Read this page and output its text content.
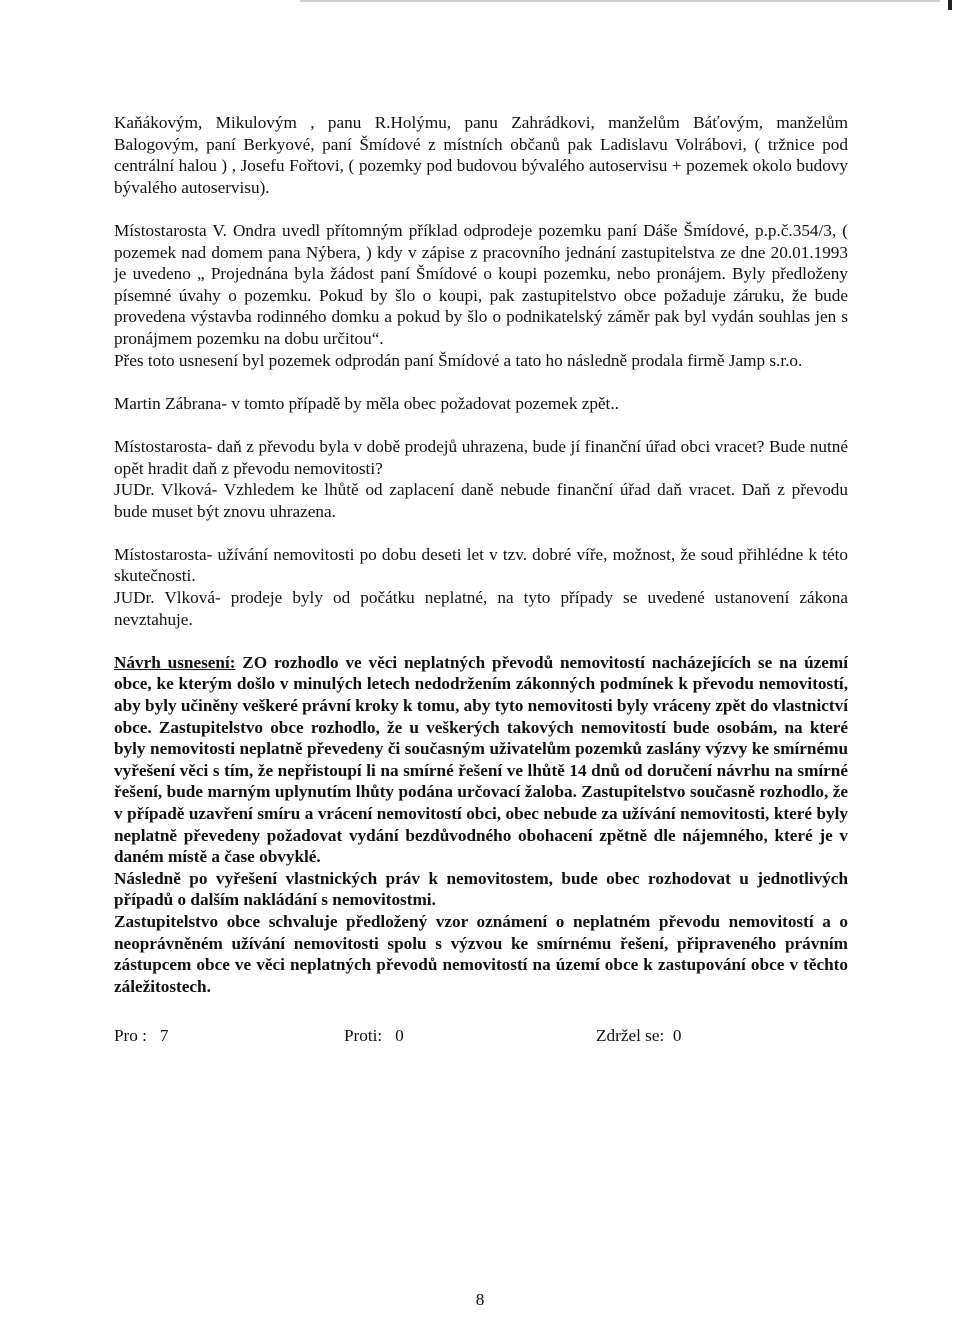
Kaňákovým, Mikulovým , panu R.Holýmu, panu Zahrádkovi, manželům Báťovým, manželům Balogovým, paní Berkyové, paní Šmídové z místních občanů pak Ladislavu Volrábovi, ( tržnice pod centrální halou ) , Josefu Fořtovi, ( pozemky pod budovou bývalého autoservisu + pozemek okolo budovy bývalého autoservisu).

Místostarosta V. Ondra uvedl přítomným příklad odprodeje pozemku paní Dáše Šmídové, p.p.č.354/3, ( pozemek nad domem pana Nýbera, ) kdy v zápise z pracovního jednání zastupitelstva ze dne 20.01.1993 je uvedeno „ Projednána byla žádost paní Šmídové o koupi pozemku, nebo pronájem. Byly předloženy písemné úvahy o pozemku. Pokud by šlo o koupi, pak zastupitelstvo obce požaduje záruku, že bude provedena výstavba rodinného domku a pokud by šlo o podnikatelský záměr pak byl vydán souhlas jen s pronájmem pozemku na dobu určitou“.

Přes toto usnesení byl pozemek odprodán paní Šmídové a tato ho následně prodala firmě Jamp s.r.o.

Martin Zábrana- v tomto případě by měla obec požadovat pozemek zpět..

Místostarosta- daň z převodu byla v době prodejů uhrazena, bude jí finanční úřad obci vracet? Bude nutné opět hradit daň z převodu nemovitosti?

JUDr. Vlková- Vzhledem ke lhůtě od zaplacení daně nebude finanční úřad daň vracet. Daň z převodu bude muset být znovu uhrazena.

Místostarosta- užívání nemovitosti po dobu deseti let v tzv. dobré víře, možnost, že soud přihlédne k této skutečnosti.

JUDr. Vlková- prodeje byly od počátku neplatné, na tyto případy se uvedené ustanovení zákona nevztahuje.

Návrh usnesení: ZO rozhodlo ve věci neplatných převodů nemovitostí nacházejících se na území obce, ke kterým došlo v minulých letech nedodržením zákonných podmínek k převodu nemovitostí, aby byly učiněny veškeré právní kroky k tomu, aby tyto nemovitosti byly vráceny zpět do vlastnictví obce. Zastupitelstvo obce rozhodlo, že u veškerých takových nemovitostí bude osobám, na které byly nemovitosti neplatně převedeny či současným uživatelům pozemků zaslány výzvy ke smírnému vyřešení věci s tím, že nepřistoupí li na smírné řešení ve lhůtě 14 dnů od doručení návrhu na smírné řešení, bude marným uplynutím lhůty podána určovací žaloba. Zastupitelstvo současně rozhodlo, že v případě uzavření smíru a vrácení nemovitostí obci, obec nebude za užívání nemovitosti, které byly neplatně převedeny požadovat vydání bezdůvodného obohacení zpětně dle nájemného, které je v daném místě a čase obvyklé.

Následně po vyřešení vlastnických práv k nemovitostem, bude obec rozhodovat u jednotlivých případů o dalším nakládání s nemovitostmi.

Zastupitelstvo obce schvaluje předložený vzor oznámení o neplatném převodu nemovitostí a o neoprávněném užívání nemovitosti spolu s výzvou ke smírnému řešení, připraveného právním zástupcem obce ve věci neplatných převodů nemovitostí na území obce k zastupování obce v těchto záležitostech.

Pro :   7	Proti:   0	Zdržel se:  0
8
